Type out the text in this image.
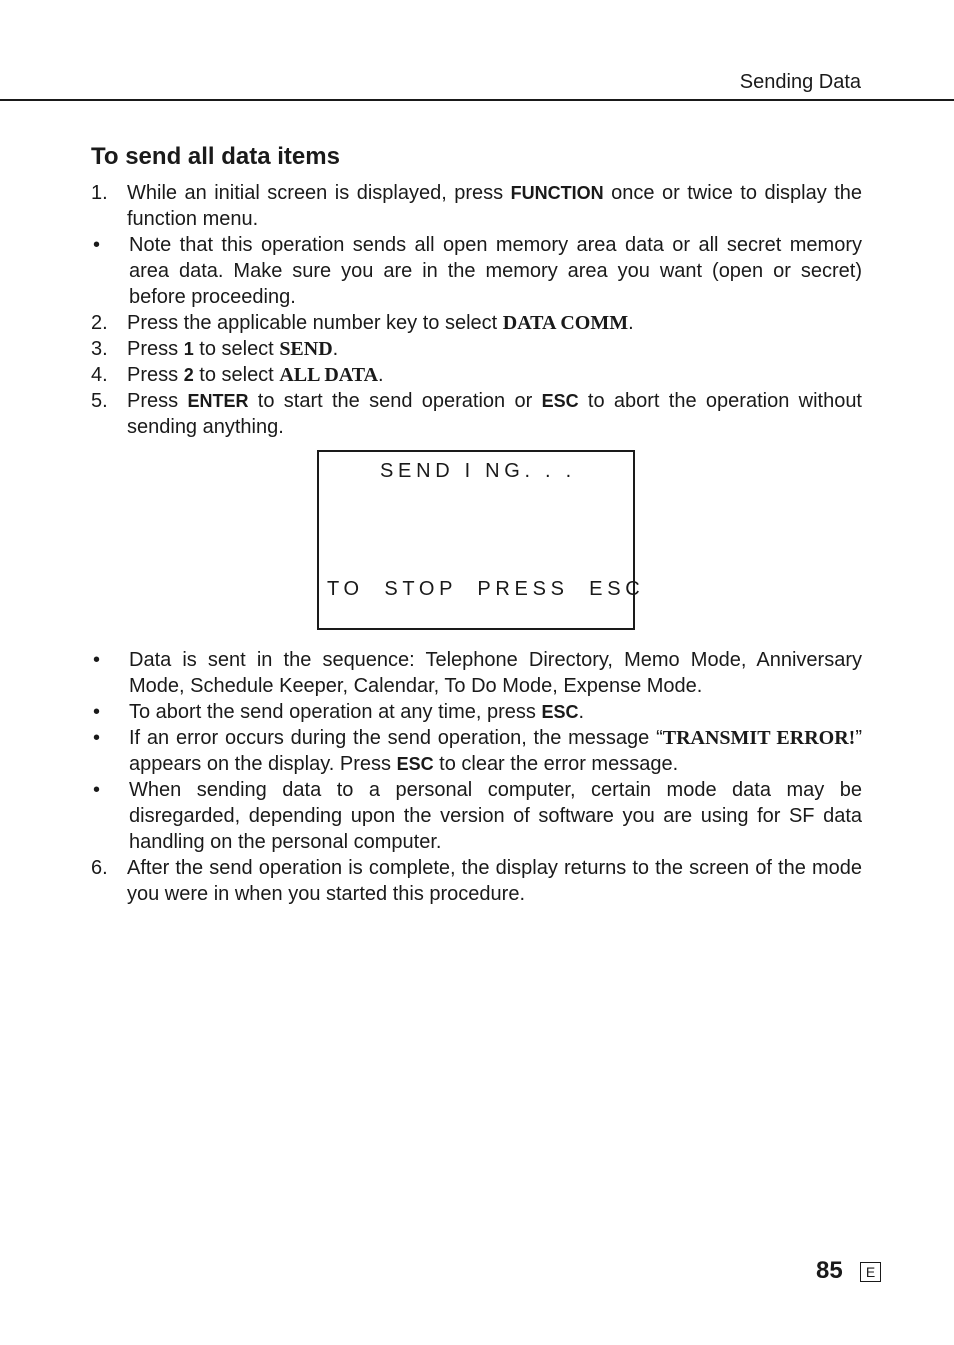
Sending Data
To send all data items
1. While an initial screen is displayed, press FUNCTION once or twice to display the function menu.
•	Note that this operation sends all open memory area data or all secret memory area data. Make sure you are in the memory area you want (open or secret) before proceeding.
2. Press the applicable number key to select DATA COMM.
3. Press 1 to select SEND.
4. Press 2 to select ALL DATA.
5. Press ENTER to start the send operation or ESC to abort the operation without sending anything.
SEND I NG. . .
TO  STOP  PRESS  ESC
•	Data is sent in the sequence: Telephone Directory, Memo Mode, Anniversary Mode, Schedule Keeper, Calendar, To Do Mode, Expense Mode.
•	To abort the send operation at any time, press ESC.
•	If an error occurs during the send operation, the message “TRANSMIT ERROR!” appears on the display. Press ESC to clear the error message.
•	When sending data to a personal computer, certain mode data may be disregarded, depending upon the version of software you are using for SF data handling on the personal computer.
6. After the send operation is complete, the display returns to the screen of the mode you were in when you started this procedure.
85	E
